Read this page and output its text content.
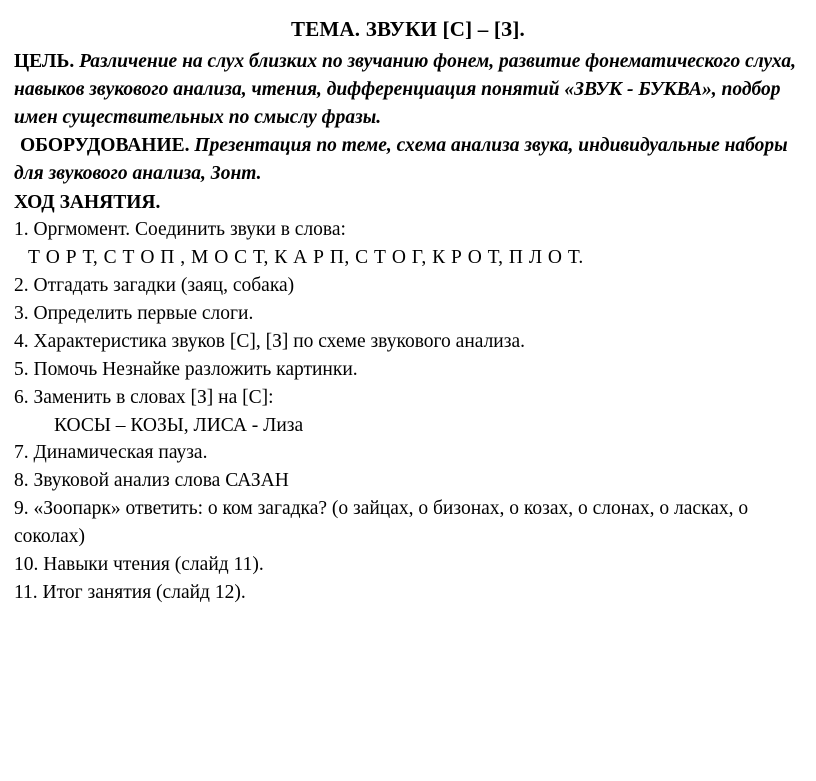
ТЕМА. ЗВУКИ [С] – [З].
ЦЕЛЬ. Различение на слух близких по звучанию фонем, развитие фонематического слуха, навыков звукового анализа, чтения, дифференциация понятий «ЗВУК - БУКВА», подбор имен существительных по смыслу фразы.
ОБОРУДОВАНИЕ. Презентация по теме, схема анализа звука, индивидуальные наборы для звукового анализа, Зонт.
ХОД ЗАНЯТИЯ.
1. Оргмомент. Соединить звуки в слова:
Т О Р Т, С Т О П , М О С Т, К А Р П, С Т О Г, К Р О Т, П Л О Т.
2. Отгадать загадки (заяц, собака)
3. Определить первые слоги.
4. Характеристика звуков [С], [З] по схеме звукового анализа.
5. Помочь Незнайке разложить картинки.
6. Заменить в словах [З] на [С]:
КОСЫ – КОЗЫ, ЛИСА - Лиза
7. Динамическая пауза.
8. Звуковой анализ слова САЗАН
9. «Зоопарк» ответить: о ком загадка? (о зайцах, о бизонах, о козах, о слонах, о ласках, о соколах)
10. Навыки чтения (слайд 11).
11. Итог занятия (слайд 12).
